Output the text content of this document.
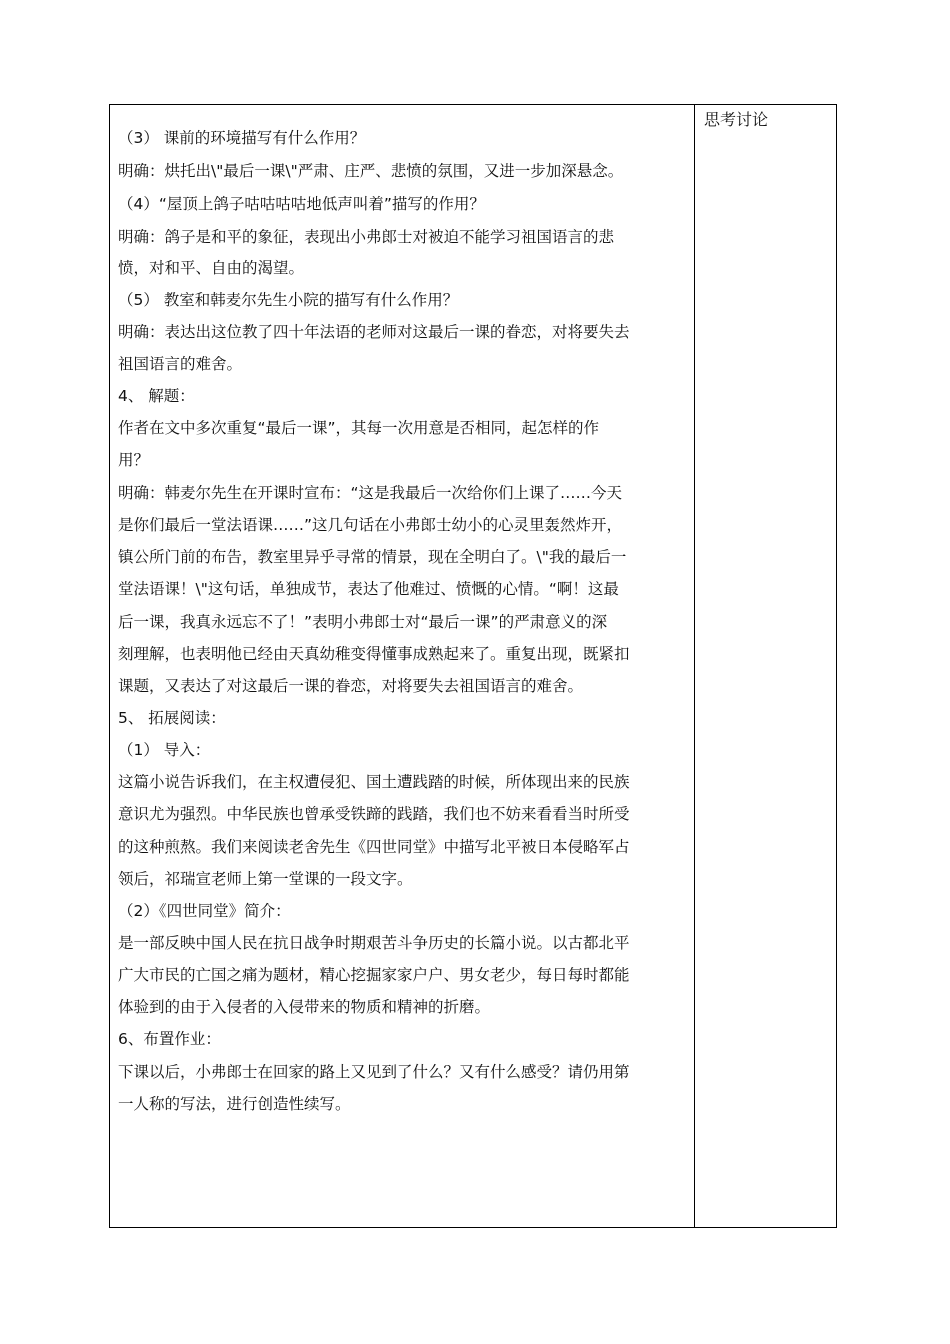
思考讨论
（3） 课前的环境描写有什么作用？
明确：烘托出\"最后一课\"严肃、庄严、悲愤的氛围，又进一步加深悬念。
（4）“屋顶上鸽子咕咕咕咕地低声叫着”描写的作用？
明确：鸽子是和平的象征，表现出小弗郎士对被迫不能学习祖国语言的悲
愤，对和平、自由的渴望。
（5） 教室和韩麦尔先生小院的描写有什么作用？
明确：表达出这位教了四十年法语的老师对这最后一课的眷恋，对将要失去
祖国语言的难舍。
4、 解题：
作者在文中多次重复“最后一课”，其每一次用意是否相同，起怎样的作
用？
明确：韩麦尔先生在开课时宣布：“这是我最后一次给你们上课了……今天
是你们最后一堂法语课……”这几句话在小弗郎士幼小的心灵里轰然炸开，
镇公所门前的布告，教室里异乎寻常的情景，现在全明白了。\"我的最后一
堂法语课！\"这句话，单独成节，表达了他难过、愤慨的心情。“啊！这最
后一课，我真永远忘不了！”表明小弗郎士对“最后一课”的严肃意义的深
刻理解，也表明他已经由天真幼稚变得懂事成熟起来了。重复出现，既紧扣
课题，又表达了对这最后一课的眷恋，对将要失去祖国语言的难舍。
5、 拓展阅读：
（1） 导入：
这篇小说告诉我们，在主权遭侵犯、国土遭践踏的时候，所体现出来的民族
意识尤为强烈。中华民族也曾承受铁蹄的践踏，我们也不妨来看看当时所受
的这种煎熬。我们来阅读老舍先生《四世同堂》中描写北平被日本侵略军占
领后，祁瑞宣老师上第一堂课的一段文字。
（2）《四世同堂》简介：
是一部反映中国人民在抗日战争时期艰苦斗争历史的长篇小说。以古都北平
广大市民的亡国之痛为题材，精心挖掘家家户户、男女老少，每日每时都能
体验到的由于入侵者的入侵带来的物质和精神的折磨。
6、布置作业：
下课以后，小弗郎士在回家的路上又见到了什么？又有什么感受？请仍用第
一人称的写法，进行创造性续写。
